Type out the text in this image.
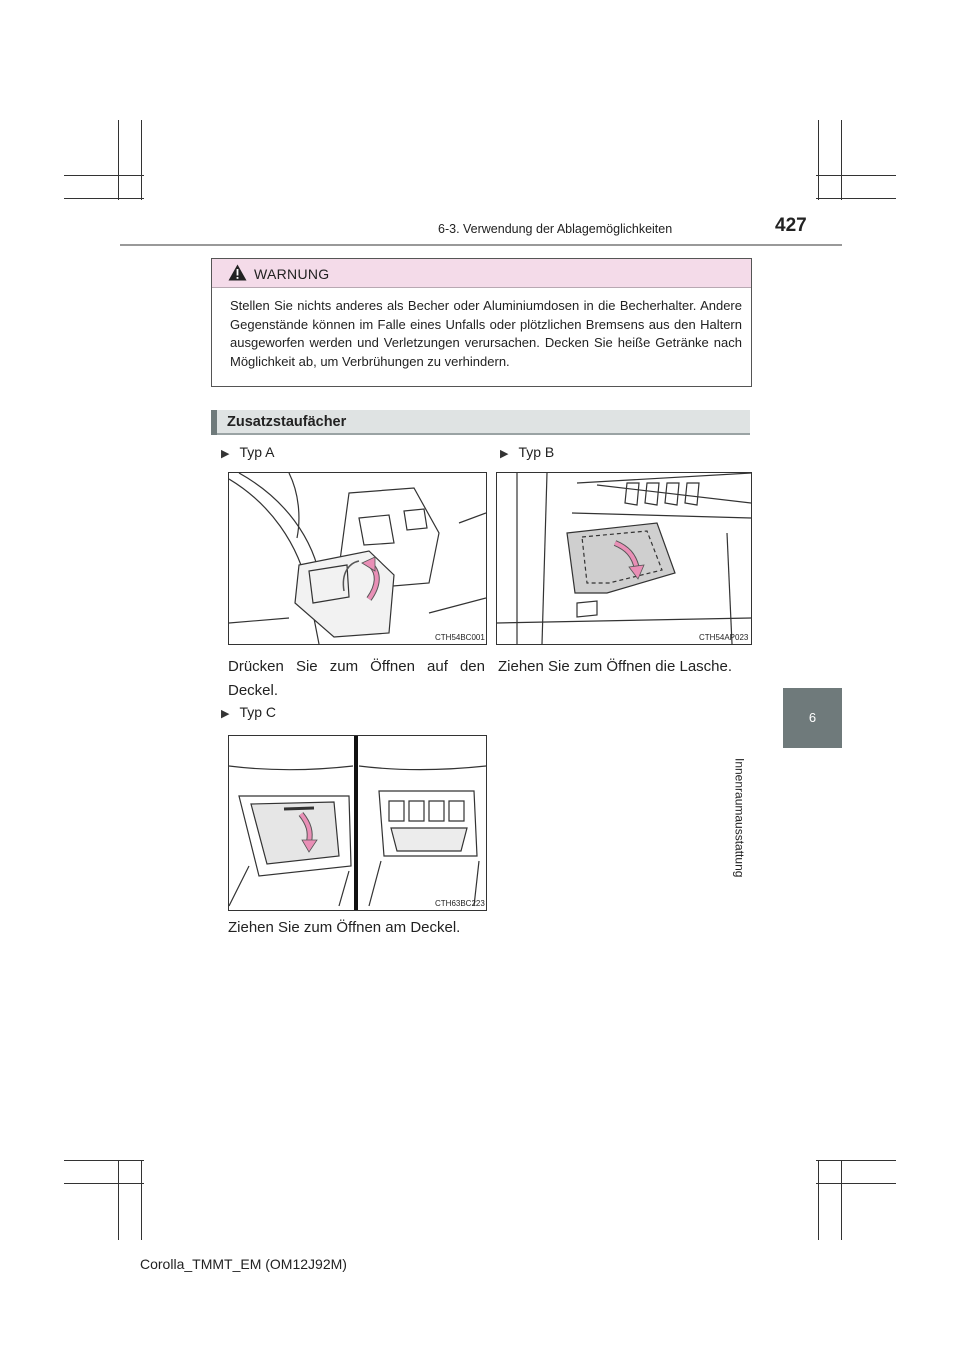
6-3. Verwendung der Ablagemöglichkeiten	427
6
Innenraumausstattung
WARNUNG
Stellen Sie nichts anderes als Becher oder Aluminiumdosen in die Becherhalter. Andere Gegenstände können im Falle eines Unfalls oder plötzlichen Bremsens aus den Haltern ausgeworfen werden und Verletzungen verursachen. Decken Sie heiße Getränke nach Möglichkeit ab, um Verbrühungen zu verhindern.
Zusatzstaufächer
▶ Typ A
CTH54BC001
Drücken Sie zum Öffnen auf den Deckel.
▶ Typ B
CTH54AP023
Ziehen Sie zum Öffnen die Lasche.
▶ Typ C
CTH63BC223
Ziehen Sie zum Öffnen am Deckel.
Corolla_TMMT_EM (OM12J92M)
